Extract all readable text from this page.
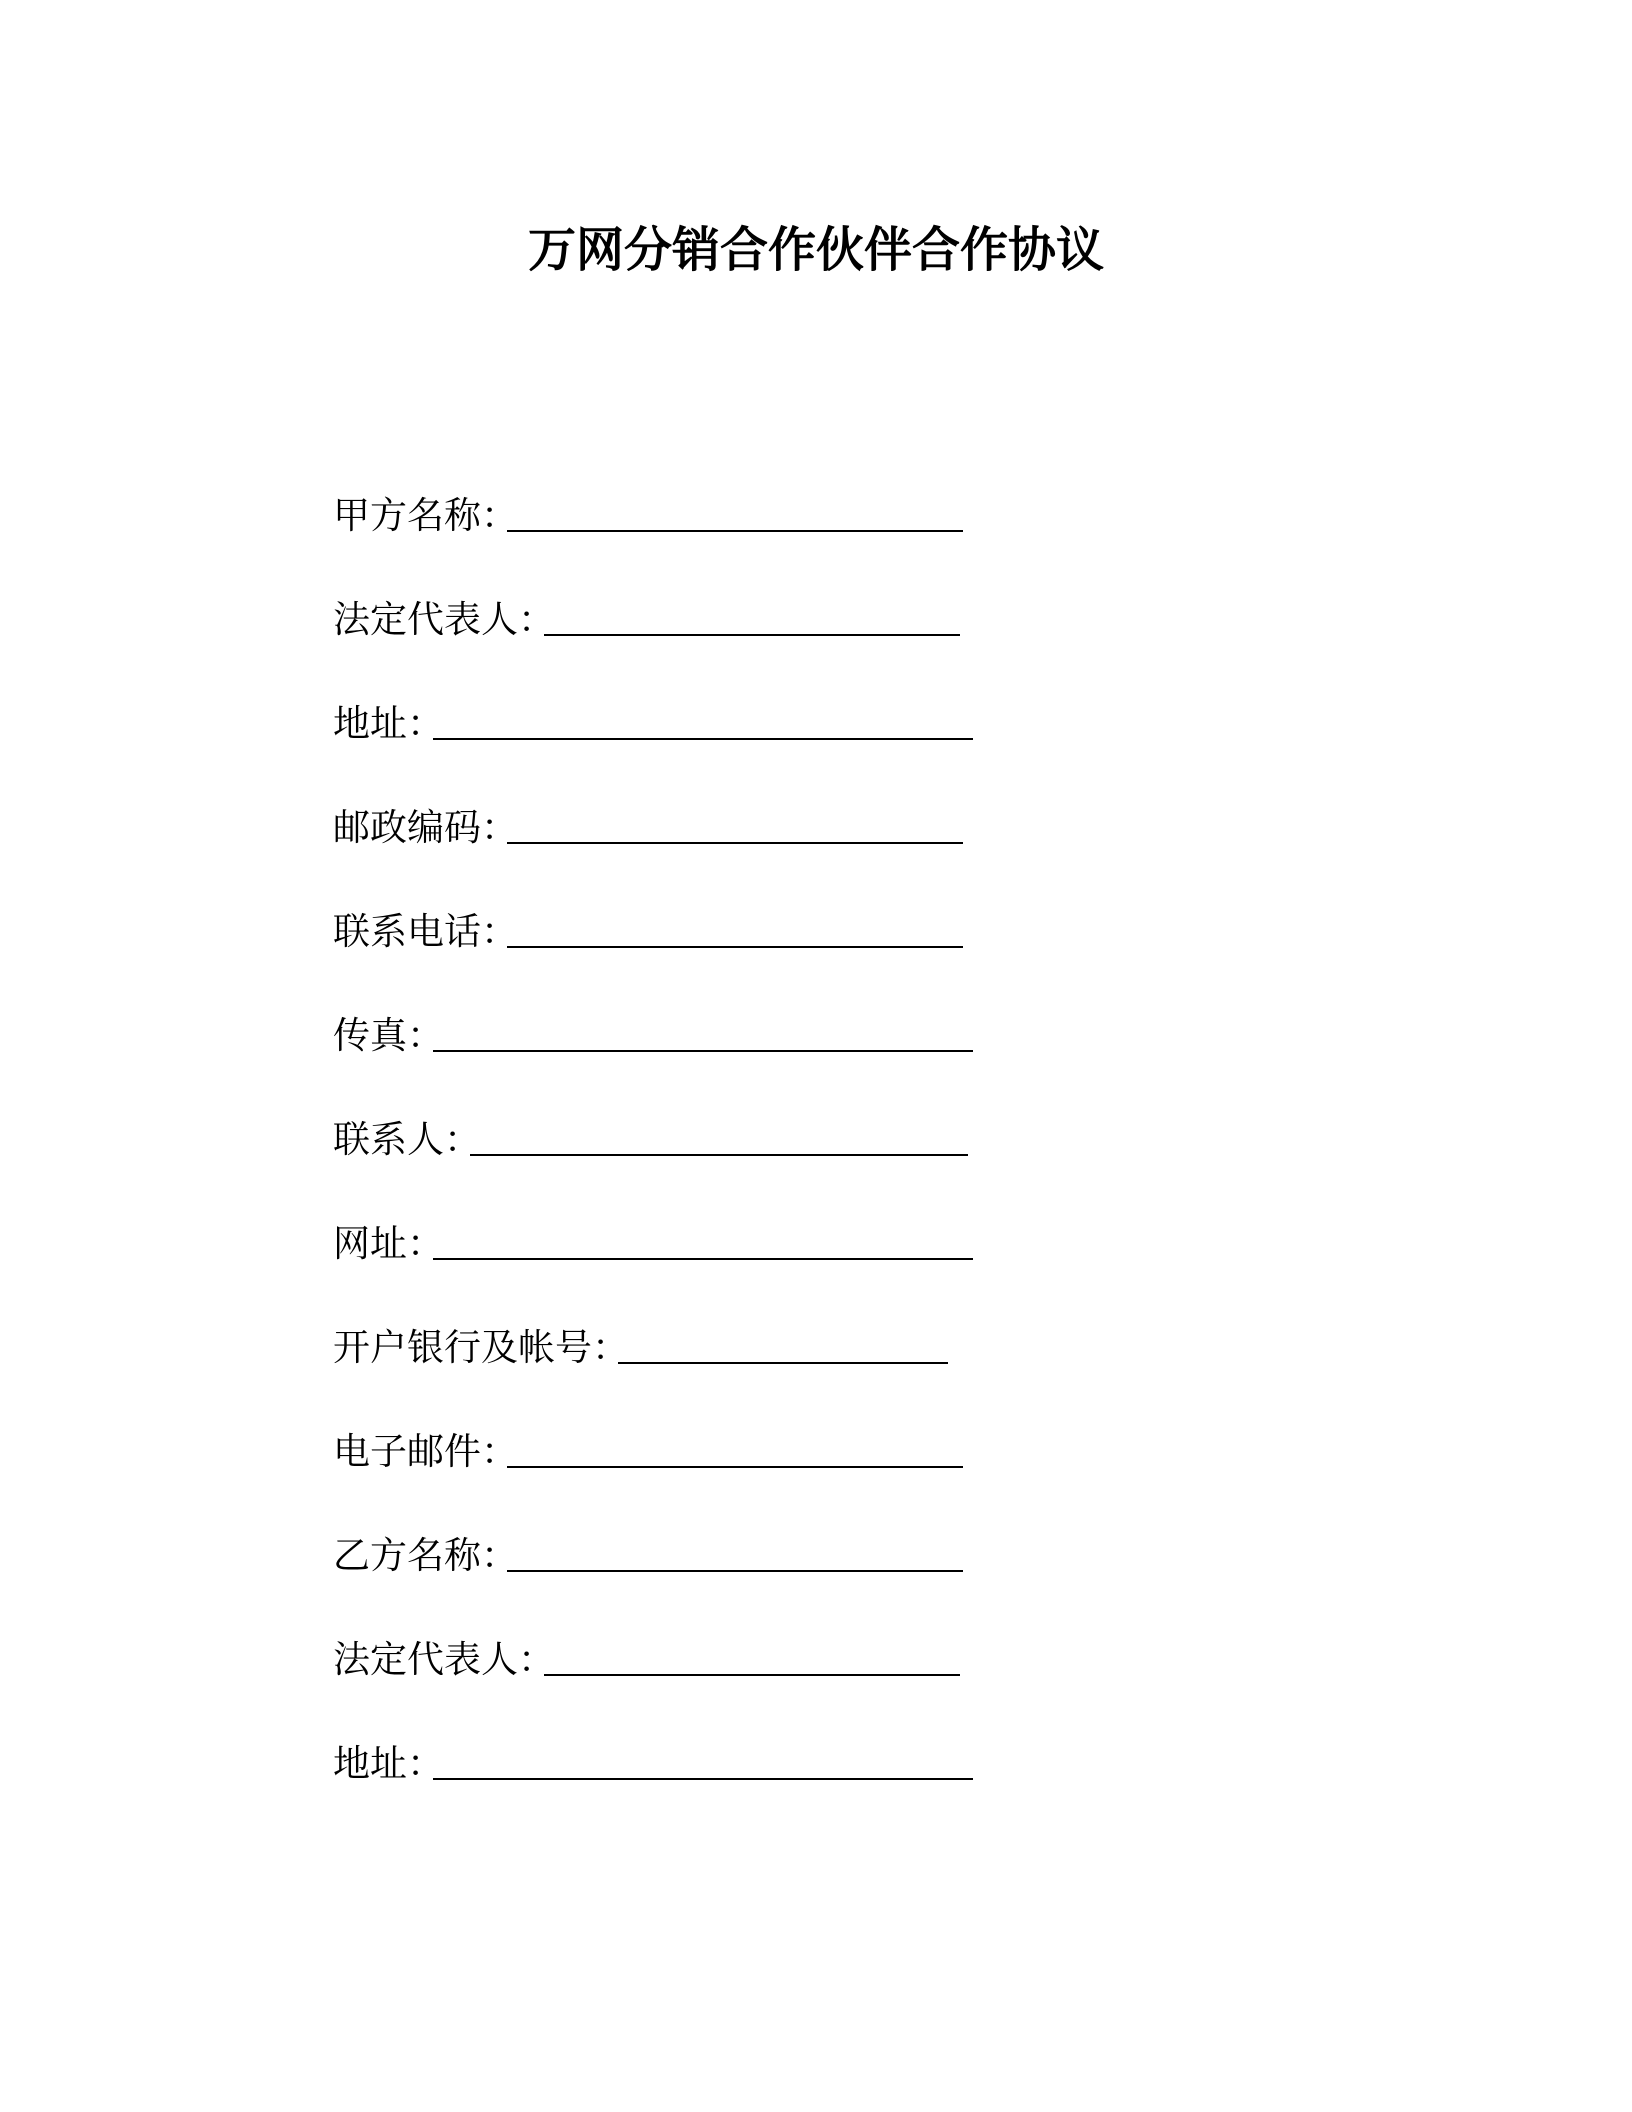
万网分销合作伙伴合作协议
甲方名称 ：
法定代表人 ：
地址 ：
邮政编码 ：
联系电话 ：
传真 ：
联系人 ：
网址 ：
开户银行及帐号 ：
电子邮件 ：
乙方名称 ：
法定代表人 ：
地址 ：
